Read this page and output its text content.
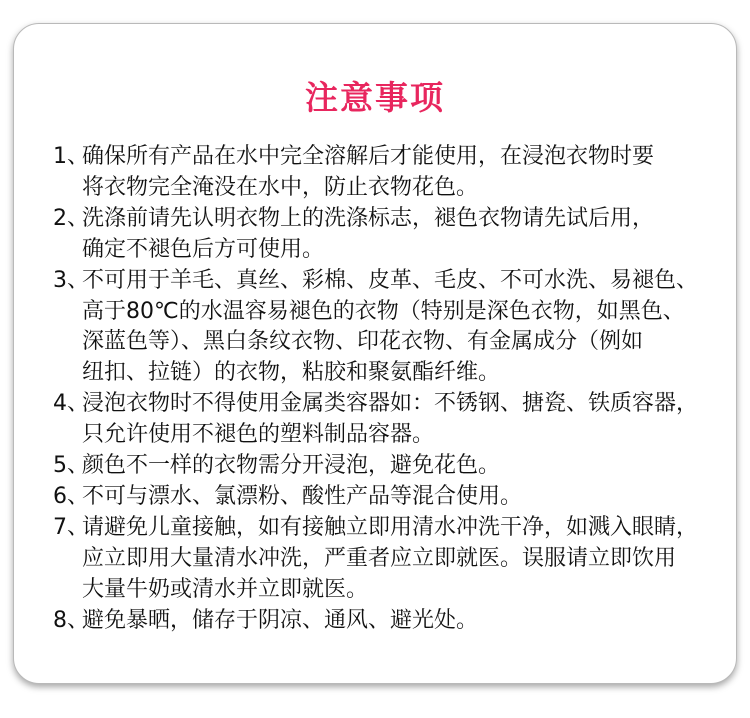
注意事项
1、确保所有产品在水中完全溶解后才能使用，在浸泡衣物时要
将衣物完全淹没在水中，防止衣物花色。
2、洗涤前请先认明衣物上的洗涤标志，褪色衣物请先试后用，
确定不褪色后方可使用。
3、不可用于羊毛、真丝、彩棉、皮革、毛皮、不可水洗、易褪色、
高于80℃的水温容易褪色的衣物（特别是深色衣物，如黑色、
深蓝色等）、黑白条纹衣物、印花衣物、有金属成分（例如
纽扣、拉链）的衣物，粘胶和聚氨酯纤维。
4、浸泡衣物时不得使用金属类容器如：不锈钢、搪瓷、铁质容器，
只允许使用不褪色的塑料制品容器。
5、颜色不一样的衣物需分开浸泡，避免花色。
6、不可与漂水、氯漂粉、酸性产品等混合使用。
7、请避免儿童接触，如有接触立即用清水冲洗干净，如溅入眼睛，
应立即用大量清水冲洗，严重者应立即就医。误服请立即饮用
大量牛奶或清水并立即就医。
8、避免暴晒，储存于阴凉、通风、避光处。
